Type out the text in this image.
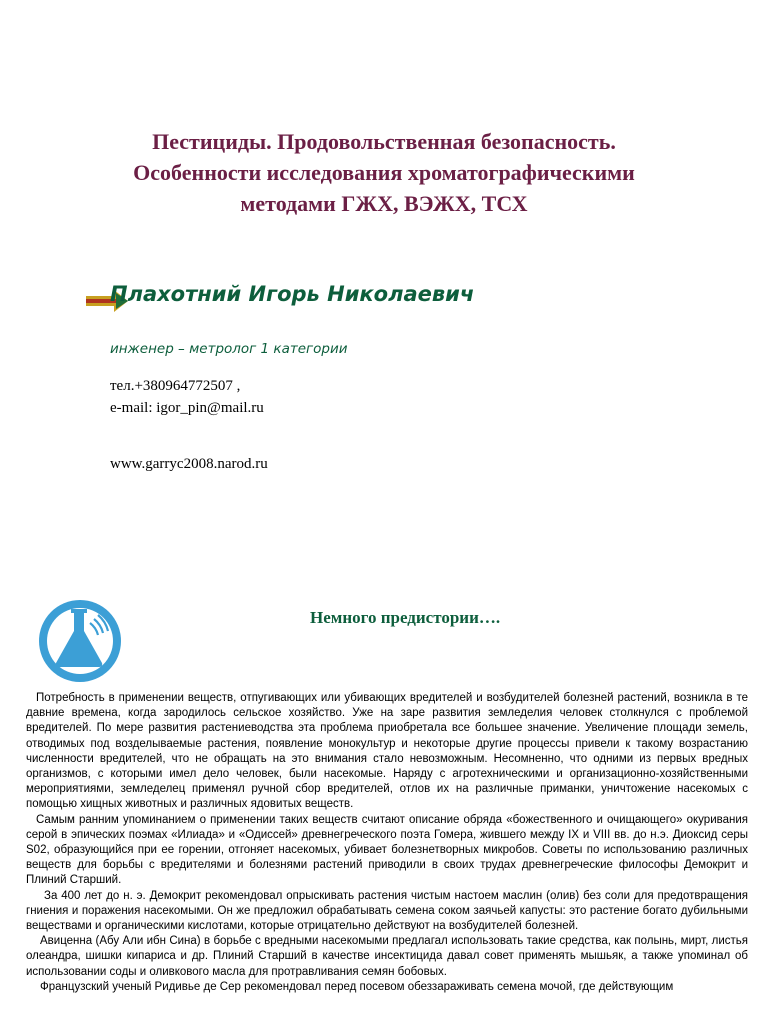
Пестициды. Продовольственная безопасность.
Особенности исследования хроматографическими
методами ГЖХ, ВЭЖХ, ТСХ
Плахотний Игорь Николаевич
инженер – метролог 1 категории
тел.+380964772507 ,
e-mail: igor_pin@mail.ru
www.garryc2008.narod.ru
Немного предистории….

Потребность в применении веществ, отпугивающих или убивающих вредителей и возбудителей болезней растений, возникла в те давние времена, когда зародилось сельское хозяйство. Уже на заре развития земледелия человек столкнулся с проблемой вредителей. По мере развития растениеводства эта проблема приобретала все большее значение. Увеличение площади земель, отводимых под возделываемые растения, появление монокультур и некоторые другие процессы привели к такому возрастанию численности вредителей, что не обращать на это внимания стало невозможным. Несомненно, что одними из первых вредных организмов, с которыми имел дело человек, были насекомые. Наряду с агротехническими и организационно-хозяйственными мероприятиями, земледелец применял ручной сбор вредителей, отлов их на различные приманки, уничтожение насекомых с помощью хищных животных и различных ядовитых веществ.

Самым ранним упоминанием о применении таких веществ считают описание обряда «божественного и очищающего» окуривания серой в эпических поэмах «Илиада» и «Одиссей» древнегреческого поэта Гомера, жившего между IX и VIII вв. до н.э. Диоксид серы S02, образующийся при ее горении, отгоняет насекомых, убивает болезнетворных микробов. Советы по использованию различных веществ для борьбы с вредителями и болезнями растений приводили в своих трудах древнегреческие философы Демокрит и Плиний Старший.

За 400 лет до н. э. Демокрит рекомендовал опрыскивать растения чистым настоем маслин (олив) без соли для предотвращения гниения и поражения насекомыми. Он же предложил обрабатывать семена соком заячьей капусты: это растение богато дубильными веществами и органическими кислотами, которые отрицательно действуют на возбудителей болезней.

Авиценна (Абу Али ибн Сина) в борьбе с вредными насекомыми предлагал использовать такие средства, как полынь, мирт, листья олеандра, шишки кипариса и др. Плиний Старший в качестве инсектицида давал совет применять мышьяк, а также упоминал об использовании соды и оливкового масла для протравливания семян бобовых.

Французский ученый Ридивье де Сер рекомендовал перед посевом обеззараживать семена мочой, где действующим
